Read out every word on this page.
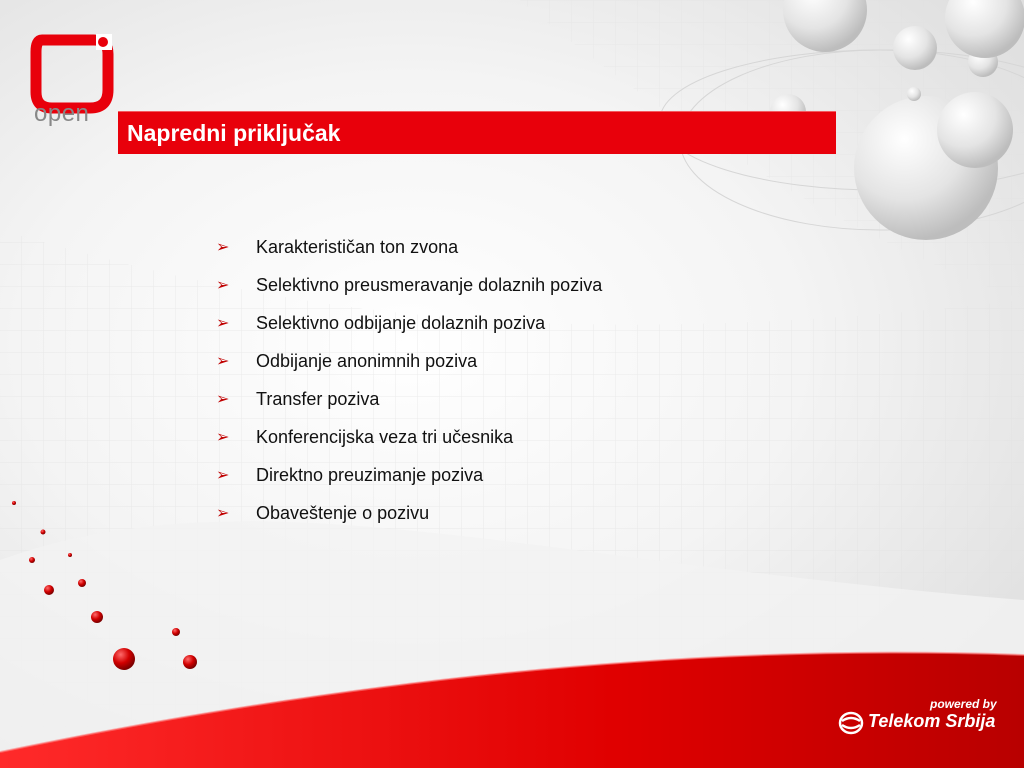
open
Napredni priključak
➢	Karakterističan ton zvona
➢	Selektivno preusmeravanje dolaznih poziva
➢	Selektivno odbijanje dolaznih poziva
➢	Odbijanje anonimnih poziva
➢	Transfer poziva
➢	Konferencijska veza tri učesnika
➢	Direktno preuzimanje poziva
➢	Obaveštenje o pozivu
powered by
Telekom Srbija
